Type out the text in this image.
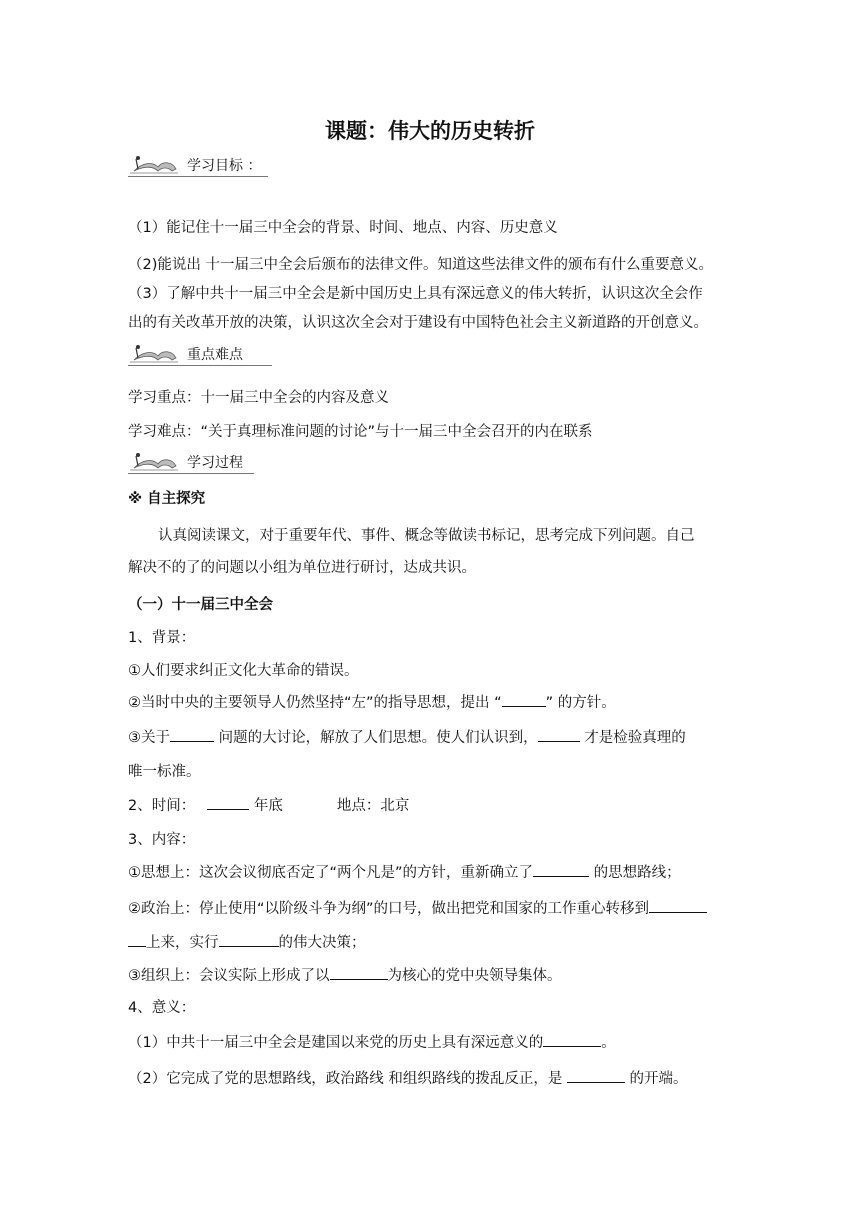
课题：伟大的历史转折
学习目标 ：
（1）能记住十一届三中全会的背景、时间、地点、内容、历史意义
（2)能说出 十一届三中全会后颁布的法律文件。知道这些法律文件的颁布有什么重要意义。
（3）了解中共十一届三中全会是新中国历史上具有深远意义的伟大转折，认识这次全会作
出的有关改革开放的决策，认识这次全会对于建设有中国特色社会主义新道路的开创意义。
重点难点
学习重点：十一届三中全会的内容及意义
学习难点：“关于真理标准问题的讨论”与十一届三中全会召开的内在联系
学习过程
※ 自主探究
认真阅读课文，对于重要年代、事件、概念等做读书标记，思考完成下列问题。自己
解决不的了的问题以小组为单位进行研讨，达成共识。
（一）十一届三中全会
1、背景：
①人们要求纠正文化大革命的错误。
②当时中央的主要领导人仍然坚持“左”的指导思想，提出 “	” 的方针。
③关于	问题的大讨论，解放了人们思想。使人们认识到，	才是检验真理的
唯一标准。
2、时间：	年底	地点：北京
3、内容：
①思想上：这次会议彻底否定了“两个凡是”的方针，重新确立了	的思想路线；
②政治上：停止使用“以阶级斗争为纲”的口号，做出把党和国家的工作重心转移到
上来，实行	的伟大决策；
③组织上：会议实际上形成了以	为核心的党中央领导集体。
4、意义：
（1）中共十一届三中全会是建国以来党的历史上具有深远意义的	。
（2）它完成了党的思想路线，政治路线 和组织路线的拨乱反正，是	的开端。
